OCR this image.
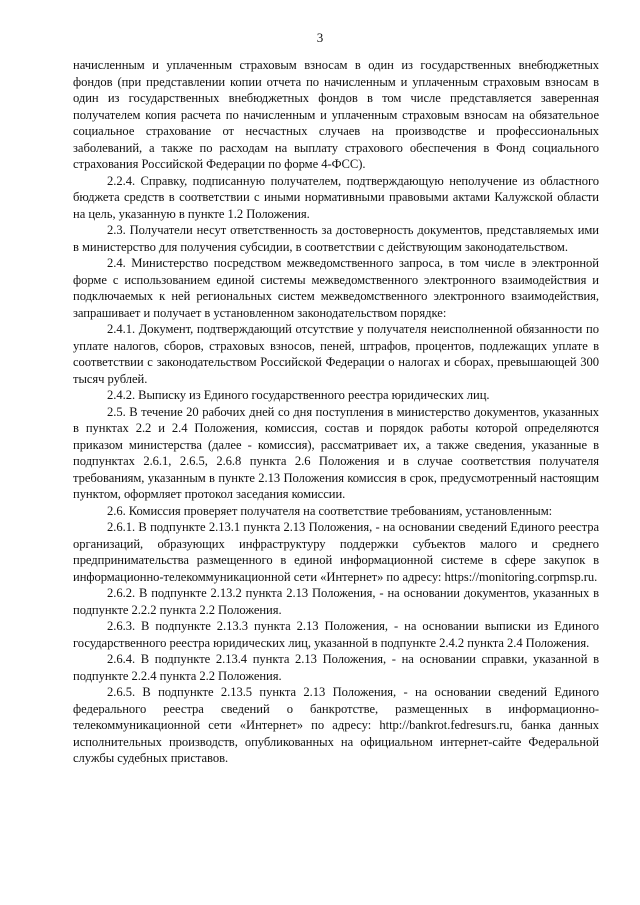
3

начисленным и уплаченным страховым взносам в один из государственных внебюджетных фондов (при представлении копии отчета по начисленным и уплаченным страховым взносам в один из государственных внебюджетных фондов в том числе представляется заверенная получателем копия расчета по начисленным и уплаченным страховым взносам на обязательное социальное страхование от несчастных случаев на производстве и профессиональных заболеваний, а также по расходам на выплату страхового обеспечения в Фонд социального страхования Российской Федерации по форме 4-ФСС).

2.2.4. Справку, подписанную получателем, подтверждающую неполучение из областного бюджета средств в соответствии с иными нормативными правовыми актами Калужской области на цель, указанную в пункте 1.2 Положения.

2.3. Получатели несут ответственность за достоверность документов, представляемых ими в министерство для получения субсидии, в соответствии с действующим законодательством.

2.4. Министерство посредством межведомственного запроса, в том числе в электронной форме с использованием единой системы межведомственного электронного взаимодействия и подключаемых к ней региональных систем межведомственного электронного взаимодействия, запрашивает и получает в установленном законодательством порядке:

2.4.1. Документ, подтверждающий отсутствие у получателя неисполненной обязанности по уплате налогов, сборов, страховых взносов, пеней, штрафов, процентов, подлежащих уплате в соответствии с законодательством Российской Федерации о налогах и сборах, превышающей 300 тысяч рублей.

2.4.2. Выписку из Единого государственного реестра юридических лиц.

2.5. В течение 20 рабочих дней со дня поступления в министерство документов, указанных в пунктах 2.2 и 2.4 Положения, комиссия, состав и порядок работы которой определяются приказом министерства (далее - комиссия), рассматривает их, а также сведения, указанные в подпунктах 2.6.1, 2.6.5, 2.6.8 пункта 2.6 Положения и в случае соответствия получателя требованиям, указанным в пункте 2.13 Положения комиссия в срок, предусмотренный настоящим пунктом, оформляет протокол заседания комиссии.

2.6. Комиссия проверяет получателя на соответствие требованиям, установленным:

2.6.1. В подпункте 2.13.1 пункта 2.13 Положения, - на основании сведений Единого реестра организаций, образующих инфраструктуру поддержки субъектов малого и среднего предпринимательства размещенного в единой информационной системе в сфере закупок в информационно-телекоммуникационной сети «Интернет» по адресу: https://monitoring.corpmsp.ru.

2.6.2. В подпункте 2.13.2 пункта 2.13 Положения, - на основании документов, указанных в подпункте 2.2.2 пункта 2.2 Положения.

2.6.3. В подпункте 2.13.3 пункта 2.13 Положения, - на основании выписки из Единого государственного реестра юридических лиц, указанной в подпункте 2.4.2 пункта 2.4 Положения.

2.6.4. В подпункте 2.13.4 пункта 2.13 Положения, - на основании справки, указанной в подпункте 2.2.4 пункта 2.2 Положения.

2.6.5. В подпункте 2.13.5 пункта 2.13 Положения, - на основании сведений Единого федерального реестра сведений о банкротстве, размещенных в информационно-телекоммуникационной сети «Интернет» по адресу: http://bankrot.fedresurs.ru, банка данных исполнительных производств, опубликованных на официальном интернет-сайте Федеральной службы судебных приставов.
